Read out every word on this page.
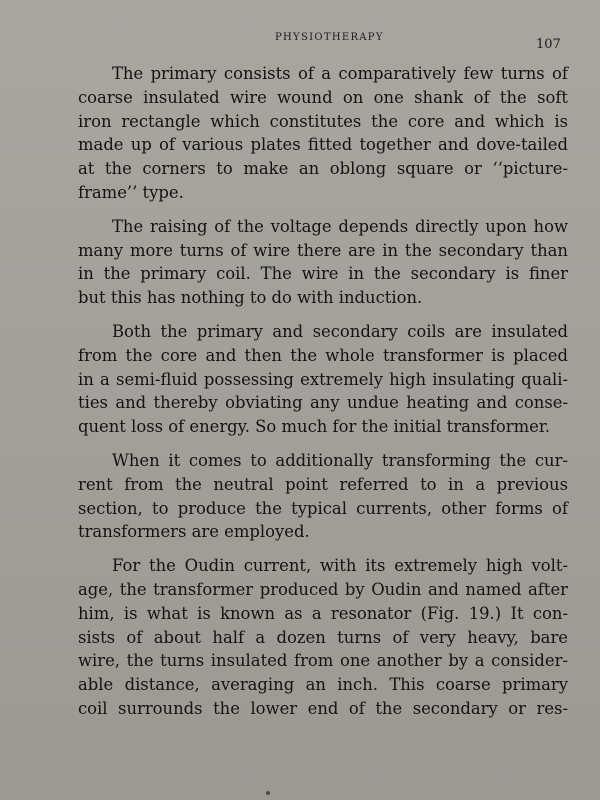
PHYSIOTHERAPY	107
The primary consists of a comparatively few turns of
coarse insulated wire wound on one shank of the soft
iron rectangle which constitutes the core and which is
made up of various plates fitted together and dove-tailed
at the corners to make an oblong square or ‘‘picture-
frame’’ type.
The raising of the voltage depends directly upon how
many more turns of wire there are in the secondary than
in the primary coil. The wire in the secondary is finer
but this has nothing to do with induction.
Both the primary and secondary coils are insulated
from the core and then the whole transformer is placed
in a semi-fluid possessing extremely high insulating quali-
ties and thereby obviating any undue heating and conse-
quent loss of energy. So much for the initial transformer.
When it comes to additionally transforming the cur-
rent from the neutral point referred to in a previous
section, to produce the typical currents, other forms of
transformers are employed.
For the Oudin current, with its extremely high volt-
age, the transformer produced by Oudin and named after
him, is what is known as a resonator (Fig. 19.) It con-
sists of about half a dozen turns of very heavy, bare
wire, the turns insulated from one another by a consider-
able distance, averaging an inch. This coarse primary
coil surrounds the lower end of the secondary or res-
